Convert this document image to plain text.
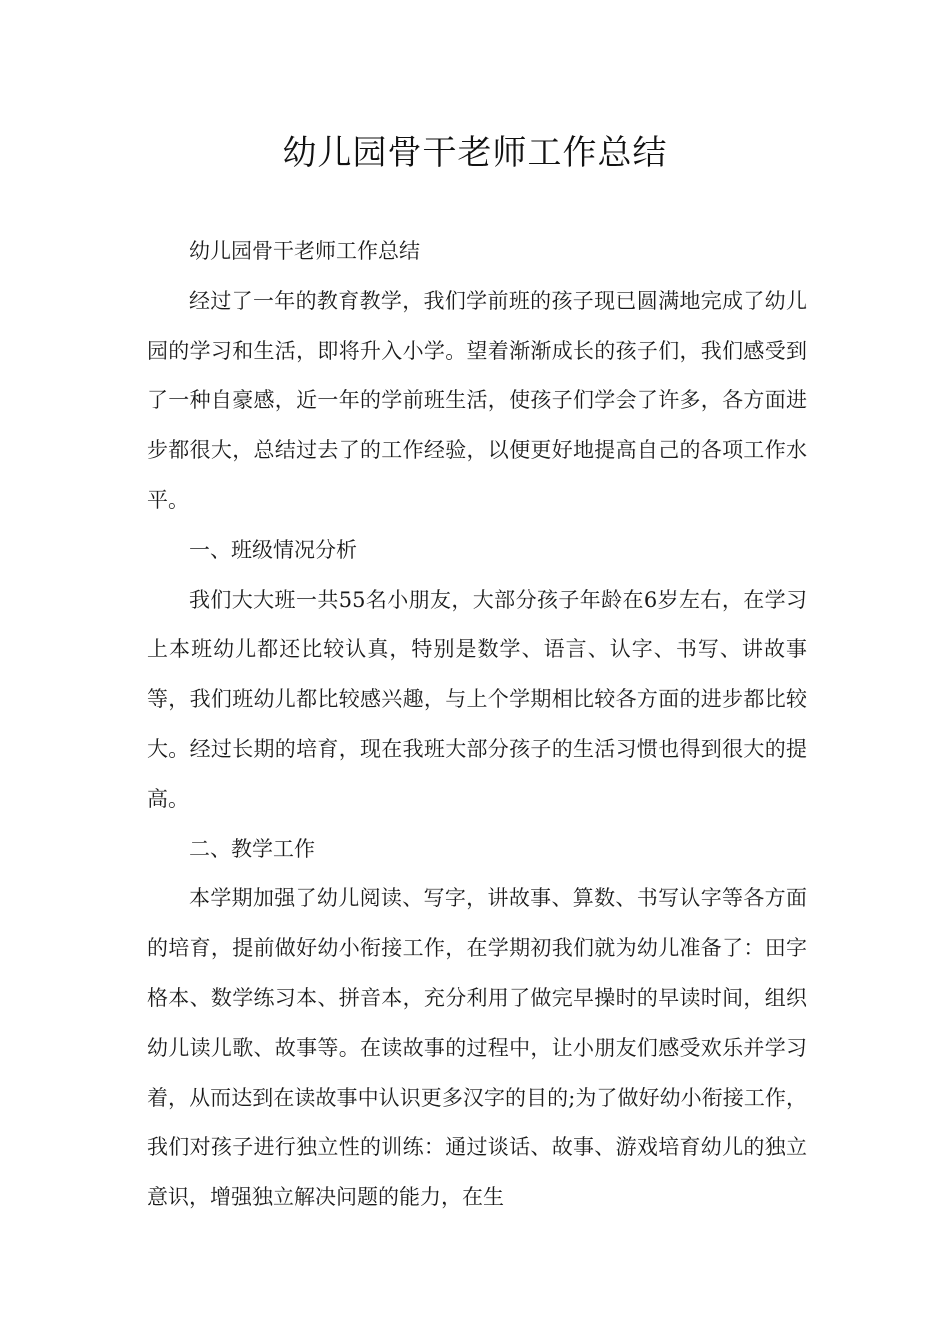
幼儿园骨干老师工作总结

幼儿园骨干老师工作总结

经过了一年的教育教学，我们学前班的孩子现已圆满地完成了幼儿园的学习和生活，即将升入小学。望着渐渐成长的孩子们，我们感受到了一种自豪感，近一年的学前班生活，使孩子们学会了许多，各方面进步都很大，总结过去了的工作经验，以便更好地提高自己的各项工作水平。

一、班级情况分析

我们大大班一共55名小朋友，大部分孩子年龄在6岁左右，在学习上本班幼儿都还比较认真，特别是数学、语言、认字、书写、讲故事等，我们班幼儿都比较感兴趣，与上个学期相比较各方面的进步都比较大。经过长期的培育，现在我班大部分孩子的生活习惯也得到很大的提高。

二、教学工作

本学期加强了幼儿阅读、写字，讲故事、算数、书写认字等各方面的培育，提前做好幼小衔接工作，在学期初我们就为幼儿准备了：田字格本、数学练习本、拼音本，充分利用了做完早操时的早读时间，组织幼儿读儿歌、故事等。在读故事的过程中，让小朋友们感受欢乐并学习着，从而达到在读故事中认识更多汉字的目的;为了做好幼小衔接工作，我们对孩子进行独立性的训练：通过谈话、故事、游戏培育幼儿的独立意识，增强独立解决问题的能力，在生
